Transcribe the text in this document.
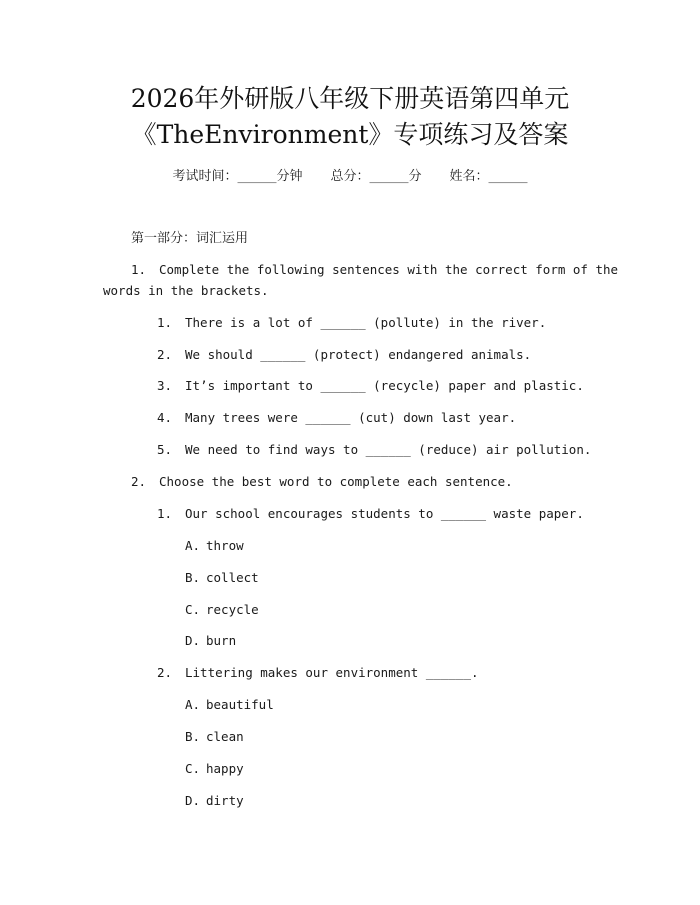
2026年外研版八年级下册英语第四单元
《TheEnvironment》专项练习及答案
考试时间：______分钟 总分：______分 姓名：______
第一部分：词汇运用
1. Complete the following sentences with the correct form of the
words in the brackets.
1. There is a lot of ______ (pollute) in the river.
2. We should ______ (protect) endangered animals.
3. It’s important to ______ (recycle) paper and plastic.
4. Many trees were ______ (cut) down last year.
5. We need to find ways to ______ (reduce) air pollution.
2. Choose the best word to complete each sentence.
1. Our school encourages students to ______ waste paper.
A. throw
B. collect
C. recycle
D. burn
2. Littering makes our environment ______.
A. beautiful
B. clean
C. happy
D. dirty
